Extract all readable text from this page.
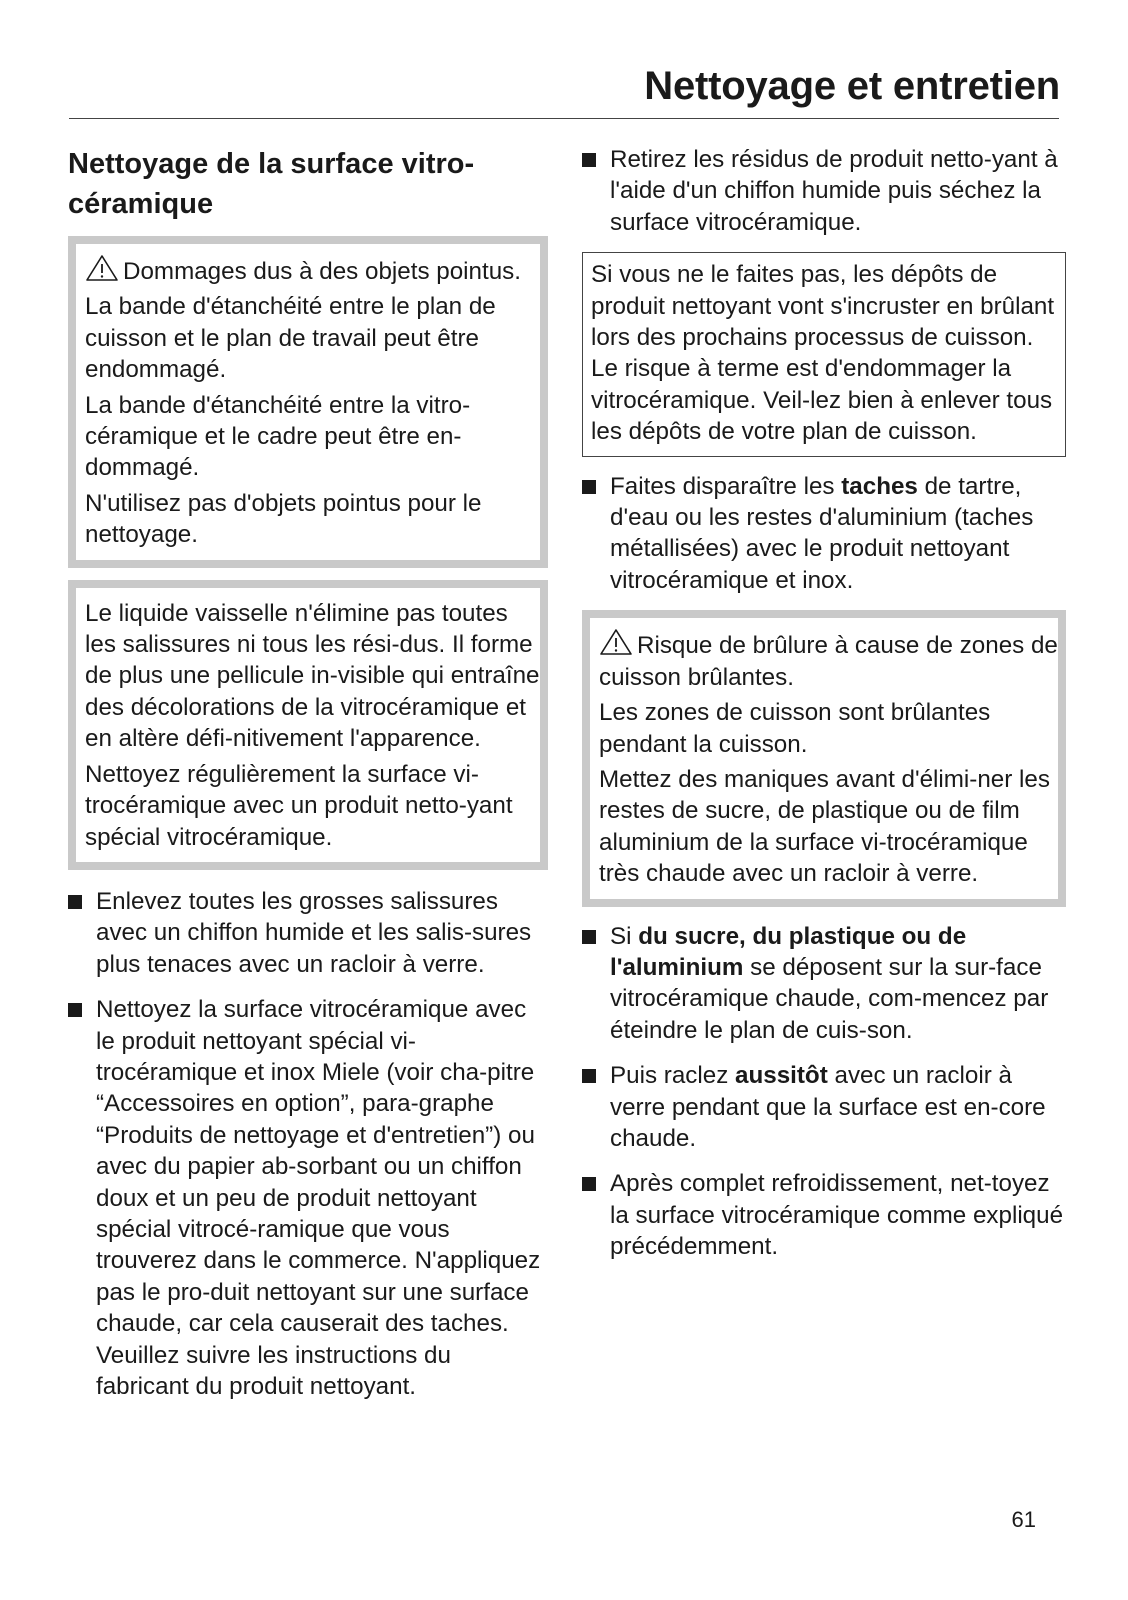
Nettoyage et entretien
Nettoyage de la surface vitro-céramique

Dommages dus à des objets pointus.

La bande d'étanchéité entre le plan de cuisson et le plan de travail peut être endommagé.

La bande d'étanchéité entre la vitro-céramique et le cadre peut être en-dommagé.

N'utilisez pas d'objets pointus pour le nettoyage.

Le liquide vaisselle n'élimine pas toutes les salissures ni tous les rési-dus. Il forme de plus une pellicule in-visible qui entraîne des décolorations de la vitrocéramique et en altère défi-nitivement l'apparence.

Nettoyez régulièrement la surface vi-trocéramique avec un produit netto-yant spécial vitrocéramique.

Enlevez toutes les grosses salissures avec un chiffon humide et les salis-sures plus tenaces avec un racloir à verre.
Nettoyez la surface vitrocéramique avec le produit nettoyant spécial vi-trocéramique et inox Miele (voir cha-pitre “Accessoires en option”, para-graphe “Produits de nettoyage et d'entretien”) ou avec du papier ab-sorbant ou un chiffon doux et un peu de produit nettoyant spécial vitrocé-ramique que vous trouverez dans le commerce. N'appliquez pas le pro-duit nettoyant sur une surface chaude, car cela causerait des taches. Veuillez suivre les instructions du fabricant du produit nettoyant.
Retirez les résidus de produit netto-yant à l'aide d'un chiffon humide puis séchez la surface vitrocéramique.

Si vous ne le faites pas, les dépôts de produit nettoyant vont s'incruster en brûlant lors des prochains processus de cuisson. Le risque à terme est d'endommager la vitrocéramique. Veil-lez bien à enlever tous les dépôts de votre plan de cuisson.

Faites disparaître les taches de tartre, d'eau ou les restes d'aluminium (taches métallisées) avec le produit nettoyant vitrocéramique et inox.

Risque de brûlure à cause de zones de cuisson brûlantes.

Les zones de cuisson sont brûlantes pendant la cuisson.

Mettez des maniques avant d'élimi-ner les restes de sucre, de plastique ou de film aluminium de la surface vi-trocéramique très chaude avec un racloir à verre.

Si du sucre, du plastique ou de l'aluminium se déposent sur la sur-face vitrocéramique chaude, com-mencez par éteindre le plan de cuis-son.
Puis raclez aussitôt avec un racloir à verre pendant que la surface est en-core chaude.
Après complet refroidissement, net-toyez la surface vitrocéramique comme expliqué précédemment.

61
